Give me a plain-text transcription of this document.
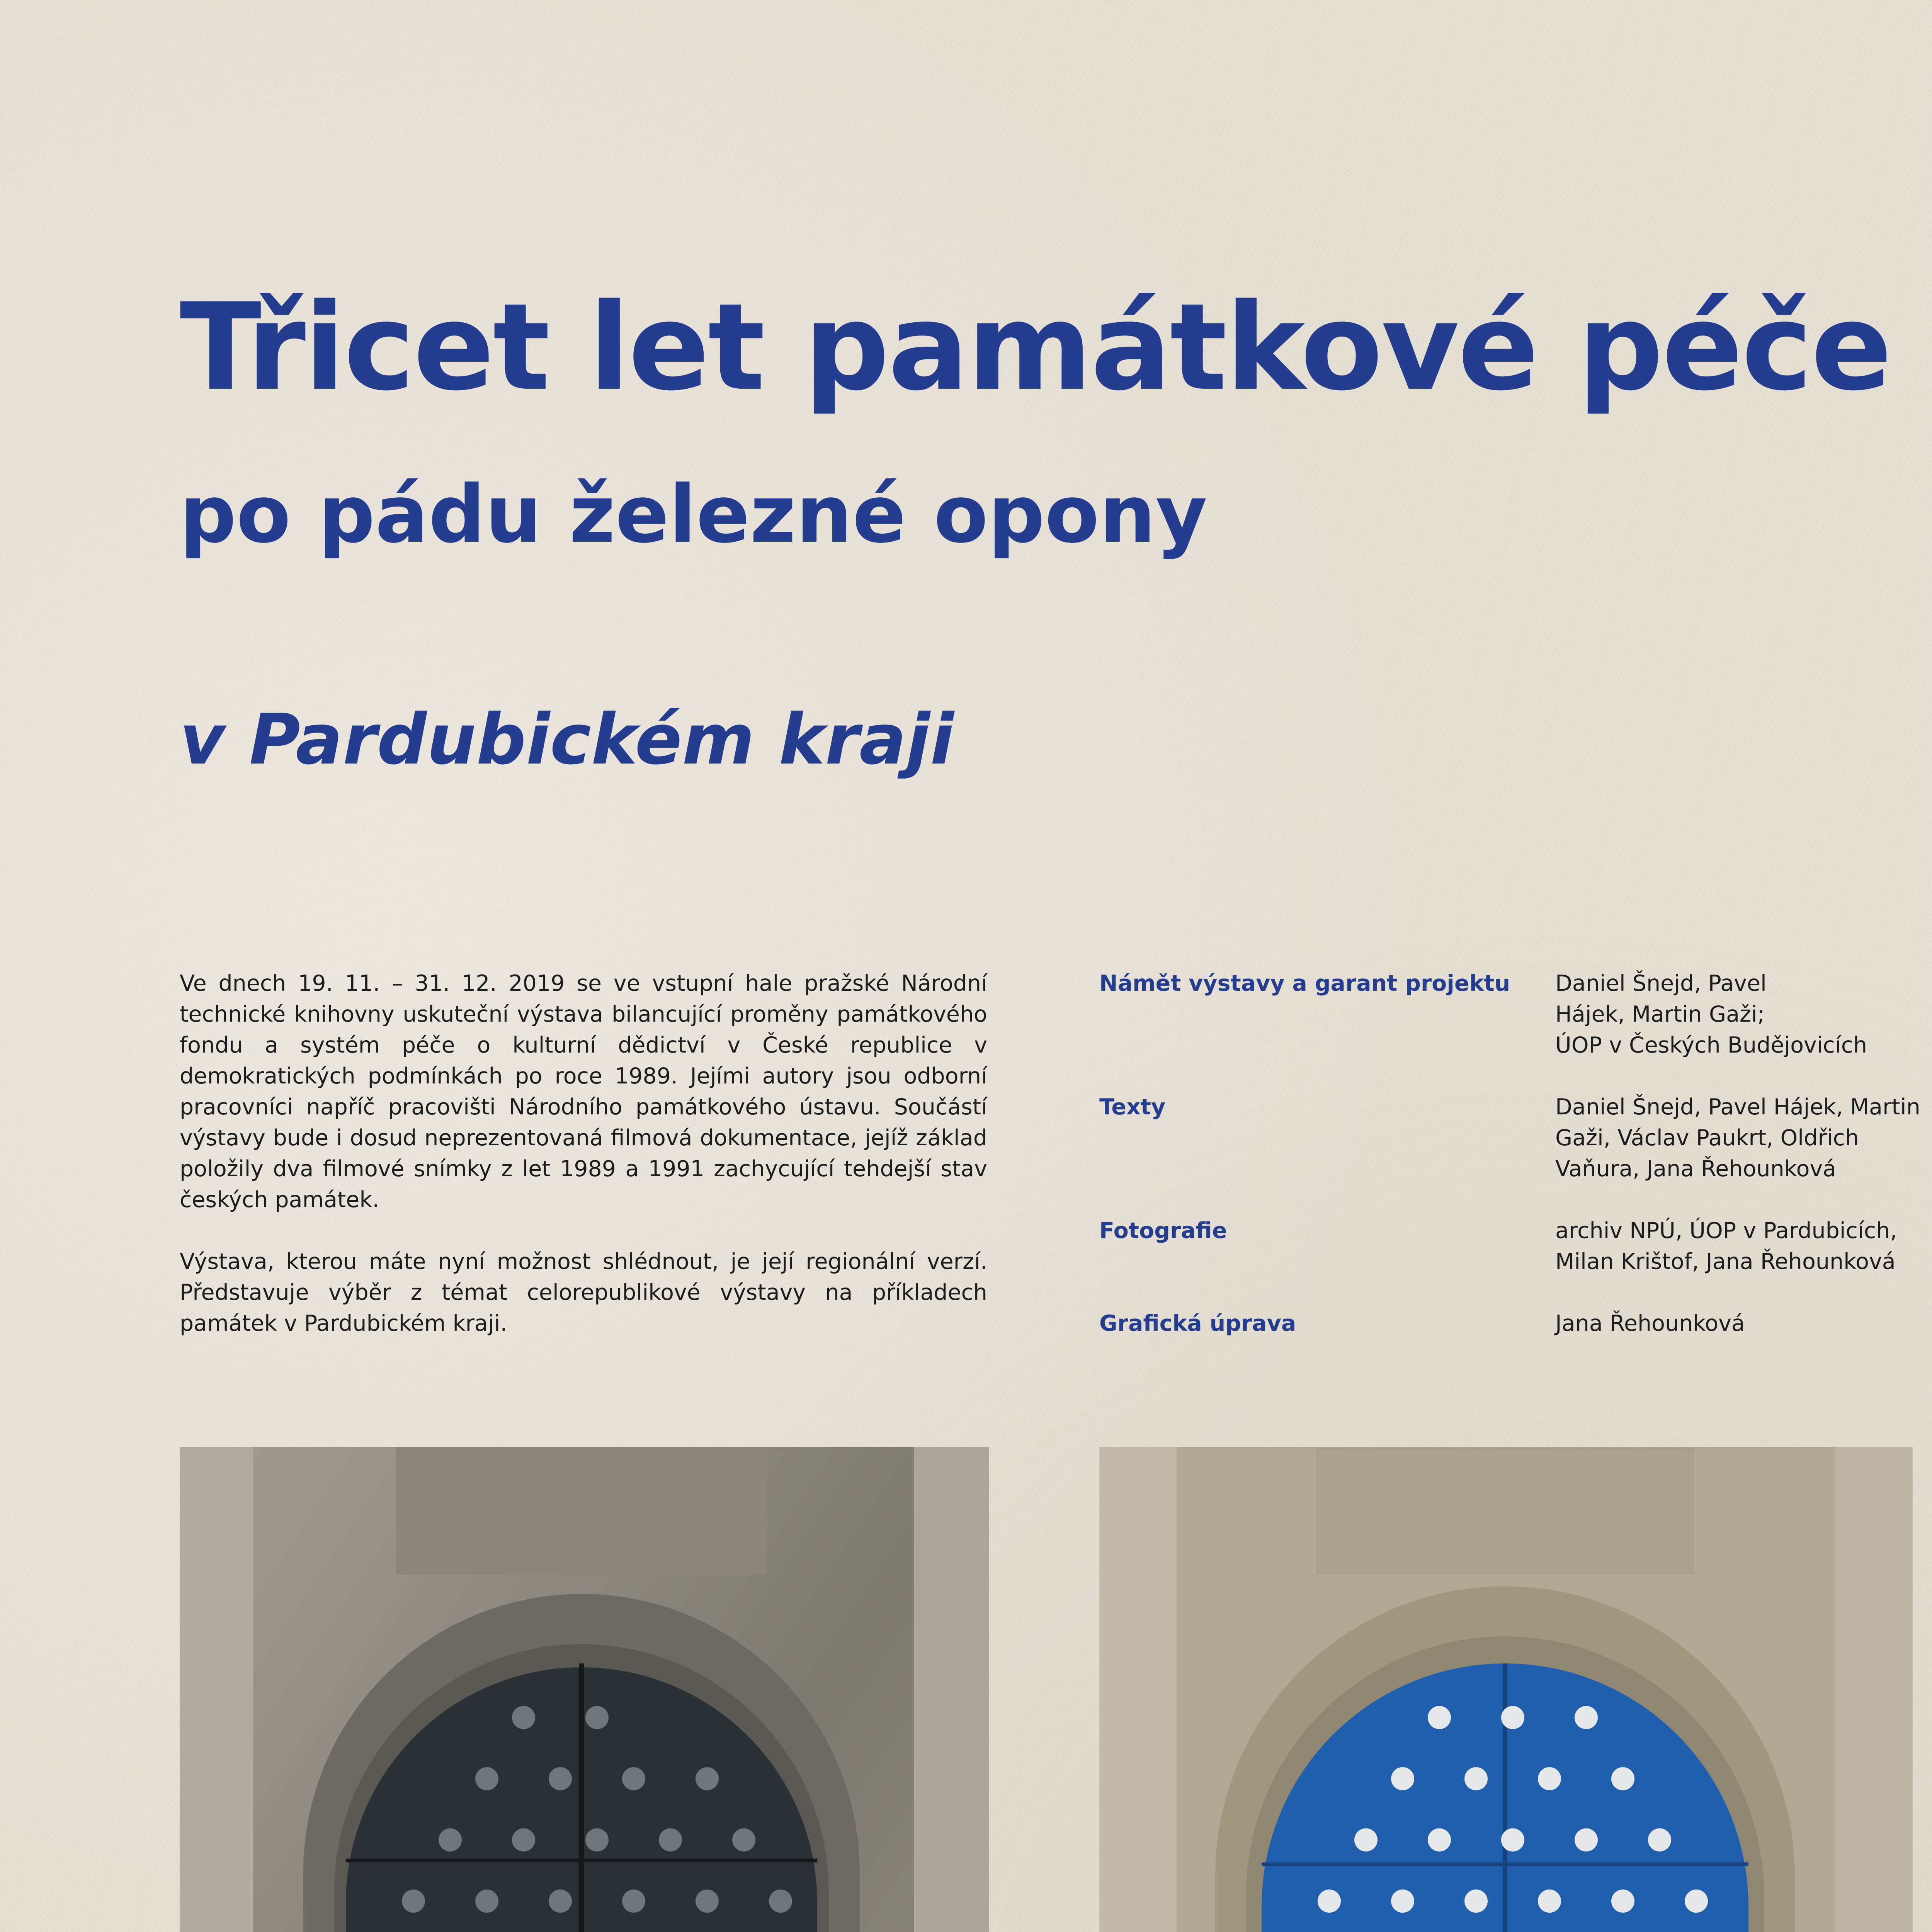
Třicet let památkové péče
po pádu železné opony
v Pardubickém kraji

Ve dnech 19. 11. – 31. 12. 2019 se ve vstupní hale pražské Národní technické knihovny uskuteční výstava bilancující proměny památkového fondu a systém péče o kulturní dědictví v České republice v demokratických podmínkách po roce 1989. Jejími autory jsou odborní pracovníci napříč pracovišti Národního památkového ústavu. Součástí výstavy bude i dosud neprezentovaná filmová dokumentace, jejíž základ položily dva filmové snímky z let 1989 a 1991 zachycující tehdejší stav českých památek.

Výstava, kterou máte nyní možnost shlédnout, je její regionální verzí. Představuje výběr z témat celorepublikové výstavy na příkladech památek v Pardubickém kraji.

Námět výstavy a garant projektu	Daniel Šnejd, Pavel
Hájek, Martin Gaži;
ÚOP v Českých Budějovicích
Texty	Daniel Šnejd, Pavel Hájek, Martin
Gaži, Václav Paukrt, Oldřich
Vaňura, Jana Řehounková
Fotografie	archiv NPÚ, ÚOP v Pardubicích,
Milan Krištof, Jana Řehounková
Grafická úprava	Jana Řehounková
